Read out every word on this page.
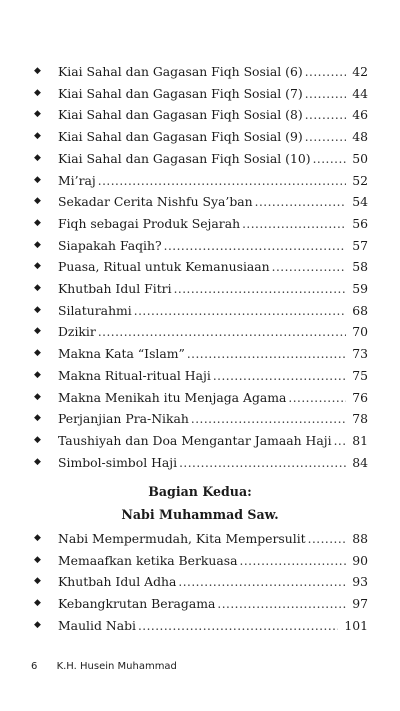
◆	Kiai Sahal dan Gagasan Fiqh Sosial (6) .....	42
◆	Kiai Sahal dan Gagasan Fiqh Sosial (7) .....	44
◆	Kiai Sahal dan Gagasan Fiqh Sosial (8) .....	46
◆	Kiai Sahal dan Gagasan Fiqh Sosial (9) .....	48
◆	Kiai Sahal dan Gagasan Fiqh Sosial (10) .....	50
◆	Mi’raj .....	52
◆	Sekadar Cerita Nishfu Sya’ban .....	54
◆	Fiqh sebagai Produk Sejarah .....	56
◆	Siapakah Faqih? .....	57
◆	Puasa, Ritual untuk Kemanusiaan .....	58
◆	Khutbah Idul Fitri .....	59
◆	Silaturahmi .....	68
◆	Dzikir .....	70
◆	Makna Kata “Islam” .....	73
◆	Makna Ritual-ritual Haji .....	75
◆	Makna Menikah itu Menjaga Agama .....	76
◆	Perjanjian Pra-Nikah .....	78
◆	Taushiyah dan Doa Mengantar Jamaah Haji ..... 81
◆	Simbol-simbol Haji .....	84
◆	Nabi Mempermudah, Kita Mempersulit .....	88
◆	Memaafkan ketika Berkuasa .....	90
◆	Khutbah Idul Adha .....	93
◆	Kebangkrutan Beragama .....	97
◆	Maulid Nabi .....	101
Bagian Kedua:
Nabi Muhammad Saw.
6 K.H. Husein Muhammad
